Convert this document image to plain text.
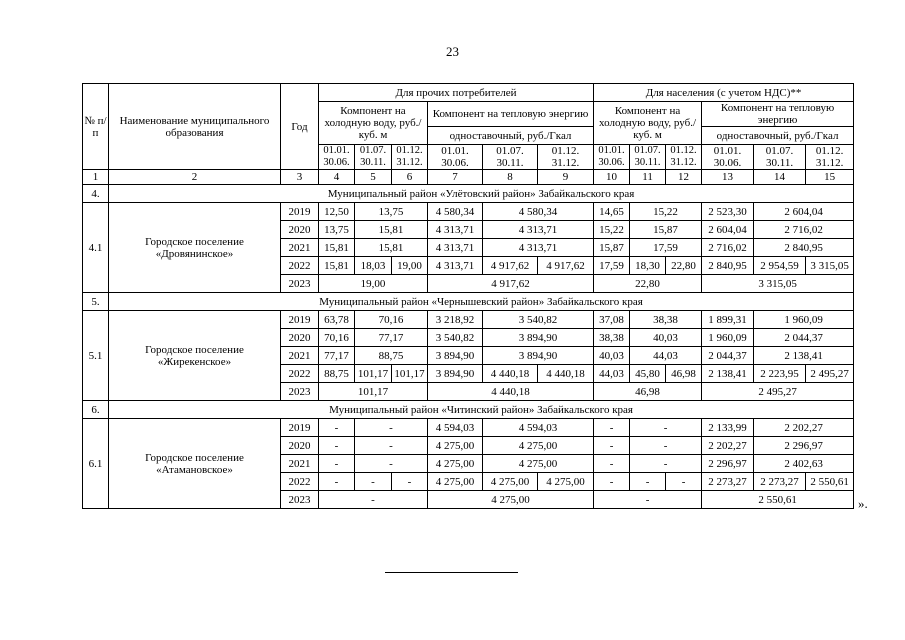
23
№ п/п	Наименование муниципального образования	Год	Для прочих потребителей						Для населения (с учетом НДС)**					
			Компонент на холодную воду, руб./куб. м			Компонент на тепловую энергию			Компонент на холодную воду, руб./куб. м			Компонент на тепловую энергию		
						одноставочный, руб./Гкал						одноставочный, руб./Гкал		
			01.01. 30.06.	01.07. 30.11.	01.12. 31.12.	01.01. 30.06.	01.07. 30.11.	01.12. 31.12.	01.01. 30.06.	01.07. 30.11.	01.12. 31.12.	01.01. 30.06.	01.07. 30.11.	01.12. 31.12.
1	2	3	4	5	6	7	8	9	10	11	12	13	14	15
4.	Муниципальный район «Улётовский район» Забайкальского края													
4.1	Городское поселение «Дровянинское»	2019	12,50	13,75		4 580,34	4 580,34		14,65	15,22		2 523,30	2 604,04	
		2020	13,75	15,81		4 313,71	4 313,71		15,22	15,87		2 604,04	2 716,02	
		2021	15,81	15,81		4 313,71	4 313,71		15,87	17,59		2 716,02	2 840,95	
		2022	15,81	18,03	19,00	4 313,71	4 917,62	4 917,62	17,59	18,30	22,80	2 840,95	2 954,59	3 315,05
		2023	19,00			4 917,62			22,80			3 315,05		
5.	Муниципальный район «Чернышевский район» Забайкальского края													
5.1	Городское поселение «Жирекенское»	2019	63,78	70,16		3 218,92	3 540,82		37,08	38,38		1 899,31	1 960,09	
		2020	70,16	77,17		3 540,82	3 894,90		38,38	40,03		1 960,09	2 044,37	
		2021	77,17	88,75		3 894,90	3 894,90		40,03	44,03		2 044,37	2 138,41	
		2022	88,75	101,17	101,17	3 894,90	4 440,18	4 440,18	44,03	45,80	46,98	2 138,41	2 223,95	2 495,27
		2023	101,17			4 440,18			46,98			2 495,27		
6.	Муниципальный район «Читинский район» Забайкальского края													
6.1	Городское поселение «Атамановское»	2019	-	-		4 594,03	4 594,03		-	-		2 133,99	2 202,27	
		2020	-	-		4 275,00	4 275,00		-	-		2 202,27	2 296,97	
		2021	-	-		4 275,00	4 275,00		-	-		2 296,97	2 402,63	
		2022	-	-	-	4 275,00	4 275,00	4 275,00	-	-	-	2 273,27	2 273,27	2 550,61
		2023	-			4 275,00			-			2 550,61			».
